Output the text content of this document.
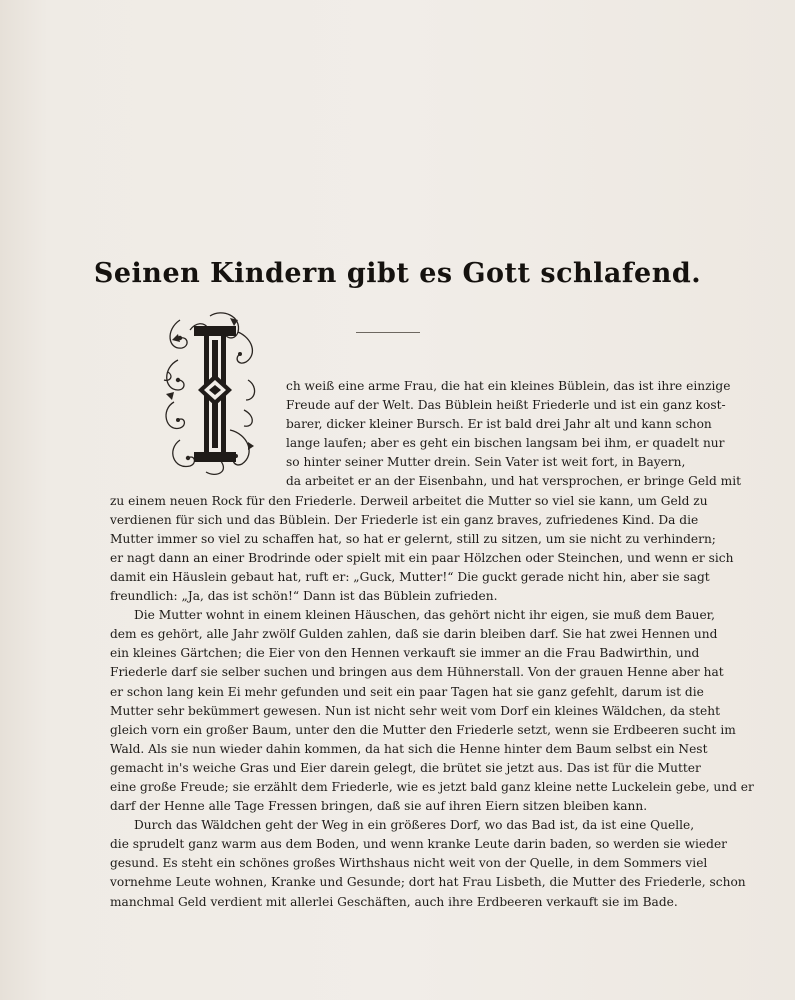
Seinen Kindern gibt es Gott schlafend.
ch weiß eine arme Frau, die hat ein kleines Büblein, das ist ihre einzige
Freude auf der Welt. Das Büblein heißt Friederle und ist ein ganz kost-
barer, dicker kleiner Bursch. Er ist bald drei Jahr alt und kann schon
lange laufen; aber es geht ein bischen langsam bei ihm, er quadelt nur
so hinter seiner Mutter drein. Sein Vater ist weit fort, in Bayern,
da arbeitet er an der Eisenbahn, und hat versprochen, er bringe Geld mit
zu einem neuen Rock für den Friederle. Derweil arbeitet die Mutter so viel sie kann, um Geld zu
verdienen für sich und das Büblein. Der Friederle ist ein ganz braves, zufriedenes Kind. Da die
Mutter immer so viel zu schaffen hat, so hat er gelernt, still zu sitzen, um sie nicht zu verhindern;
er nagt dann an einer Brodrinde oder spielt mit ein paar Hölzchen oder Steinchen, und wenn er sich
damit ein Häuslein gebaut hat, ruft er: „Guck, Mutter!“ Die guckt gerade nicht hin, aber sie sagt
freundlich: „Ja, das ist schön!“ Dann ist das Büblein zufrieden.
Die Mutter wohnt in einem kleinen Häuschen, das gehört nicht ihr eigen, sie muß dem Bauer,
dem es gehört, alle Jahr zwölf Gulden zahlen, daß sie darin bleiben darf. Sie hat zwei Hennen und
ein kleines Gärtchen; die Eier von den Hennen verkauft sie immer an die Frau Badwirthin, und
Friederle darf sie selber suchen und bringen aus dem Hühnerstall. Von der grauen Henne aber hat
er schon lang kein Ei mehr gefunden und seit ein paar Tagen hat sie ganz gefehlt, darum ist die
Mutter sehr bekümmert gewesen. Nun ist nicht sehr weit vom Dorf ein kleines Wäldchen, da steht
gleich vorn ein großer Baum, unter den die Mutter den Friederle setzt, wenn sie Erdbeeren sucht im
Wald. Als sie nun wieder dahin kommen, da hat sich die Henne hinter dem Baum selbst ein Nest
gemacht in's weiche Gras und Eier darein gelegt, die brütet sie jetzt aus. Das ist für die Mutter
eine große Freude; sie erzählt dem Friederle, wie es jetzt bald ganz kleine nette Luckelein gebe, und er
darf der Henne alle Tage Fressen bringen, daß sie auf ihren Eiern sitzen bleiben kann.
Durch das Wäldchen geht der Weg in ein größeres Dorf, wo das Bad ist, da ist eine Quelle,
die sprudelt ganz warm aus dem Boden, und wenn kranke Leute darin baden, so werden sie wieder
gesund. Es steht ein schönes großes Wirthshaus nicht weit von der Quelle, in dem Sommers viel
vornehme Leute wohnen, Kranke und Gesunde; dort hat Frau Lisbeth, die Mutter des Friederle, schon
manchmal Geld verdient mit allerlei Geschäften, auch ihre Erdbeeren verkauft sie im Bade.
